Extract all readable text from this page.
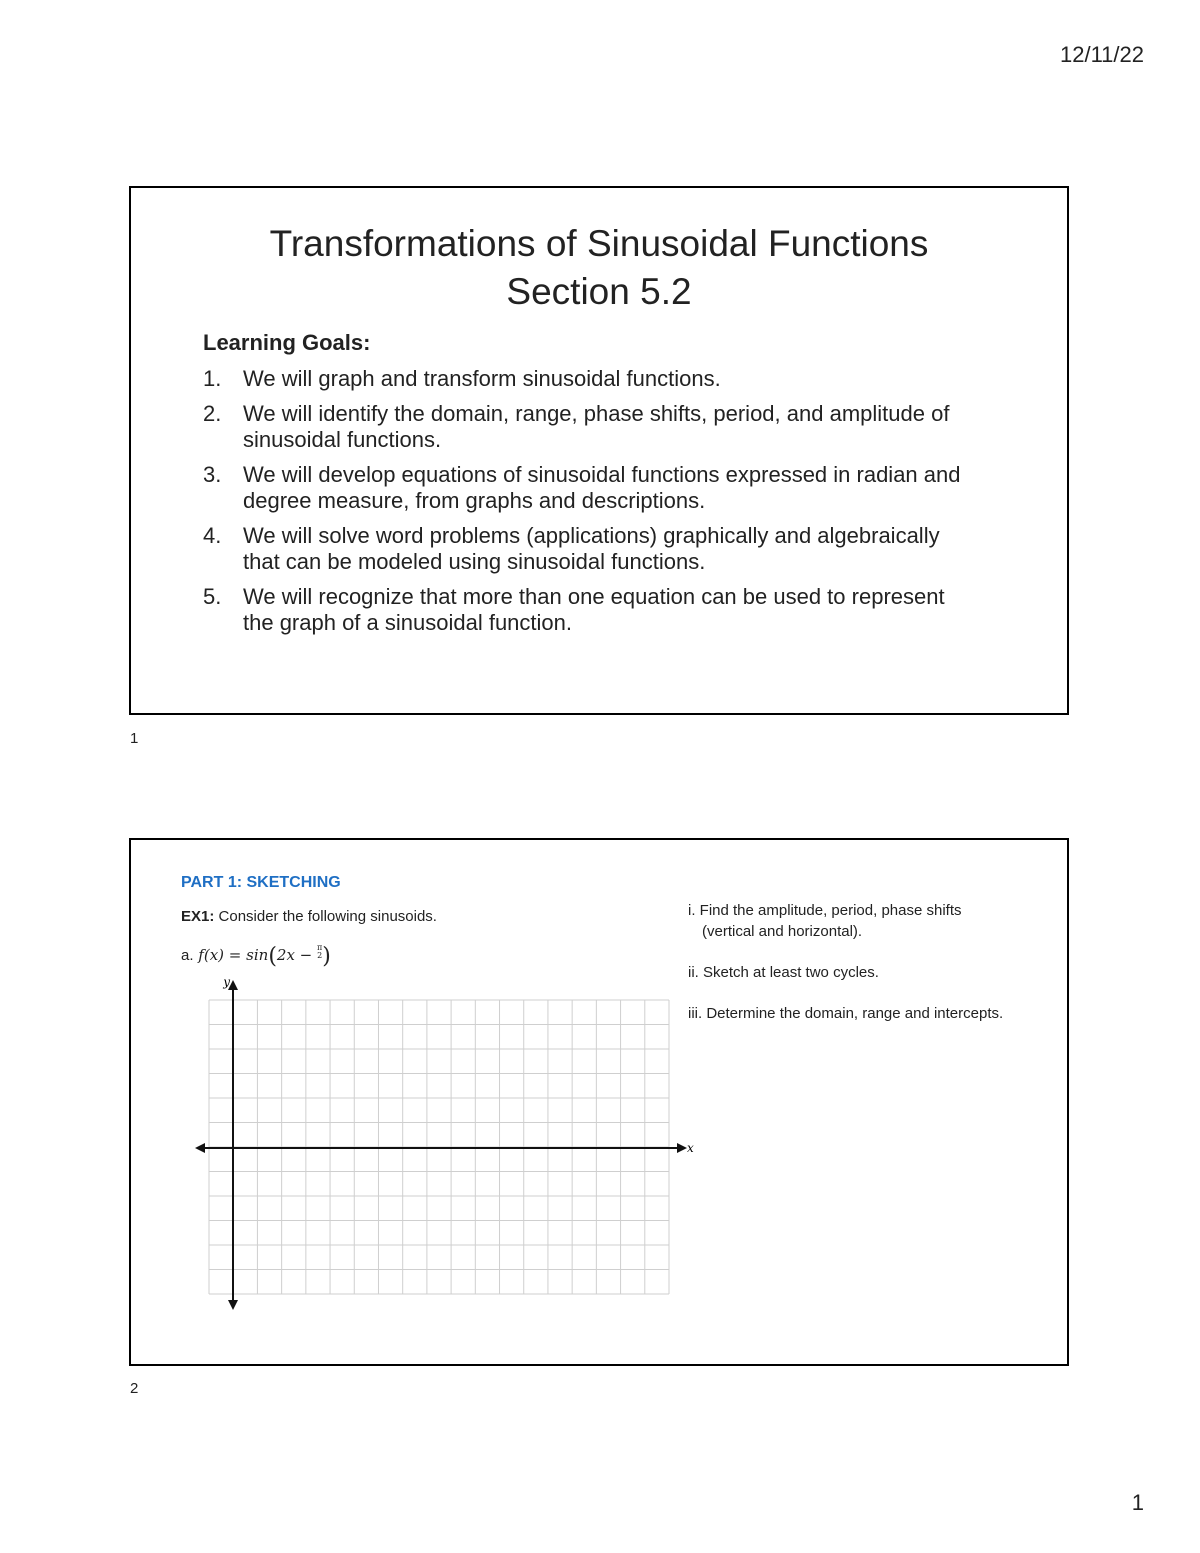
12/11/22
Transformations of Sinusoidal Functions
Section 5.2
Learning Goals:
1. We will graph and transform sinusoidal functions.
2. We will identify the domain, range, phase shifts, period, and amplitude of sinusoidal functions.
3. We will develop equations of sinusoidal functions expressed in radian and degree measure, from graphs and descriptions.
4. We will solve word problems (applications) graphically and algebraically that can be modeled using sinusoidal functions.
5. We will recognize that more than one equation can be used to represent the graph of a sinusoidal function.
1
PART 1: SKETCHING
EX1: Consider the following sinusoids.
a. f(x) = sin(2x − π
2)
y
x

i. Find the amplitude, period, phase shifts
(vertical and horizontal).

ii. Sketch at least two cycles.

iii. Determine the domain, range and intercepts.

2
1
